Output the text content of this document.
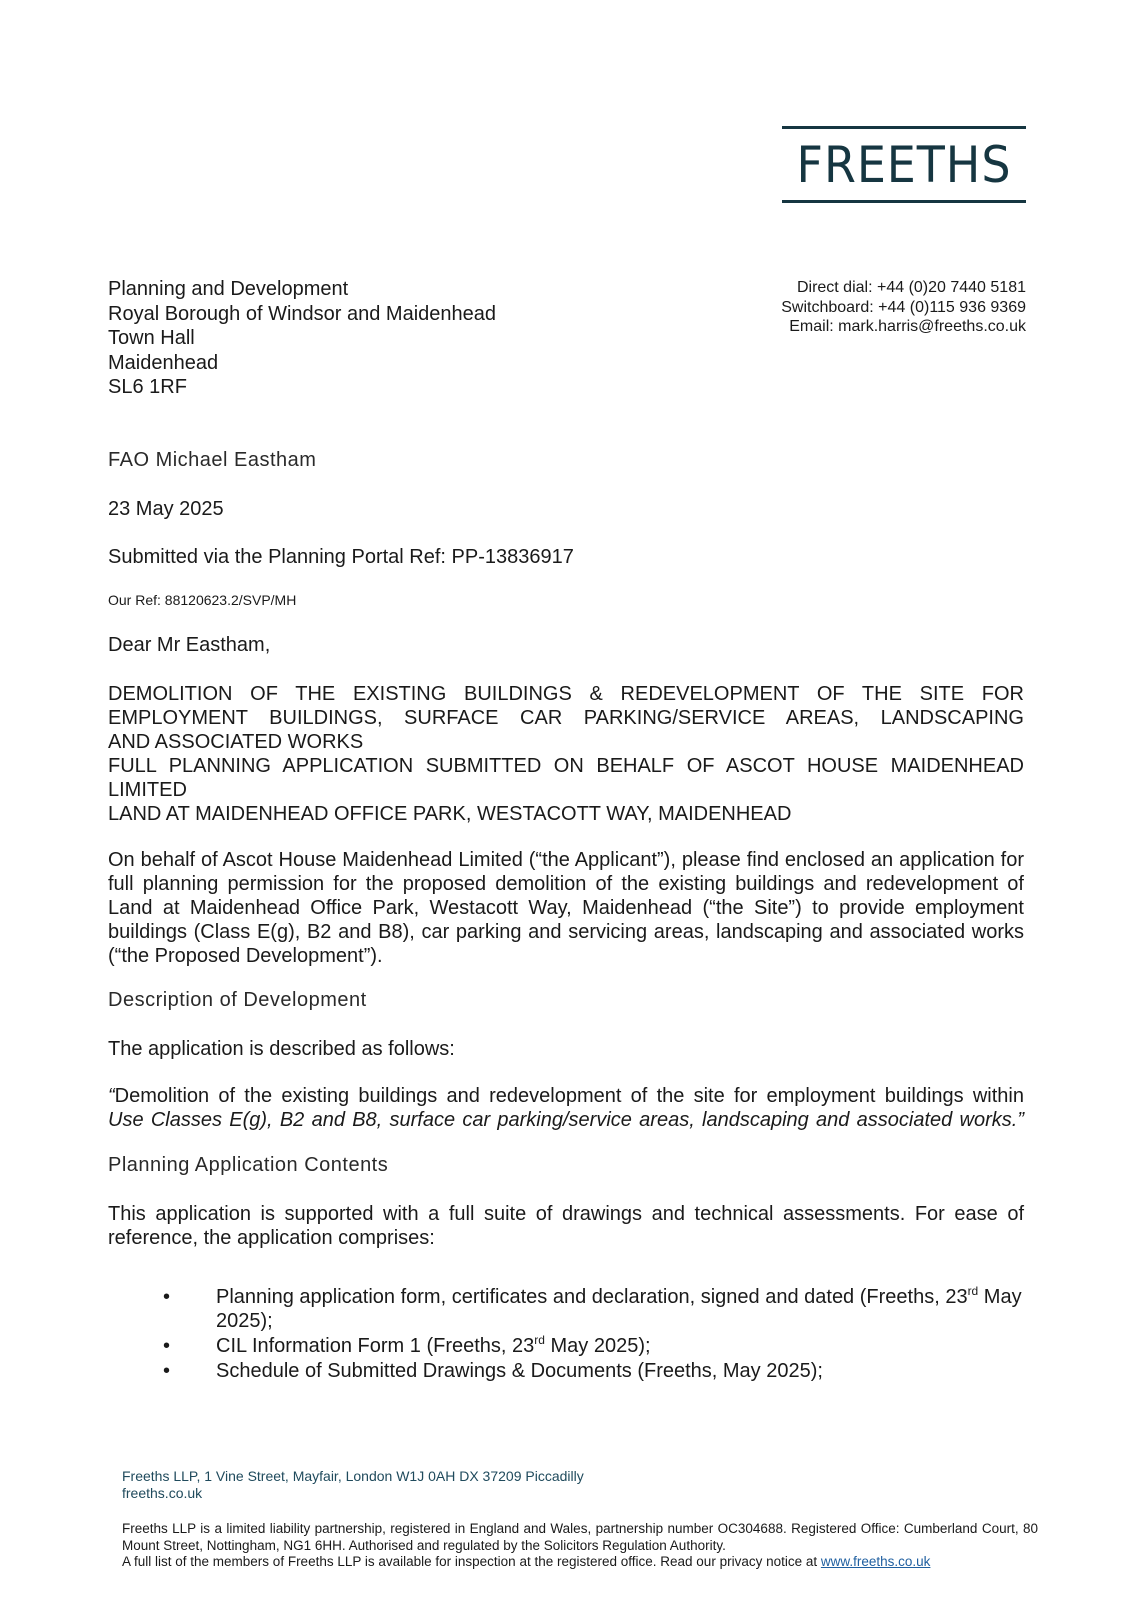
FREETHS
Planning and Development
Royal Borough of Windsor and Maidenhead
Town Hall
Maidenhead
SL6 1RF
Direct dial: +44 (0)20 7440 5181
Switchboard: +44 (0)115 936 9369
Email: mark.harris@freeths.co.uk
FAO Michael Eastham
23 May 2025
Submitted via the Planning Portal Ref: PP-13836917
Our Ref: 88120623.2/SVP/MH
Dear Mr Eastham,
DEMOLITION OF THE EXISTING BUILDINGS & REDEVELOPMENT OF THE SITE FOR
EMPLOYMENT BUILDINGS, SURFACE CAR PARKING/SERVICE AREAS, LANDSCAPING
AND ASSOCIATED WORKS
FULL PLANNING APPLICATION SUBMITTED ON BEHALF OF ASCOT HOUSE MAIDENHEAD
LIMITED
LAND AT MAIDENHEAD OFFICE PARK, WESTACOTT WAY, MAIDENHEAD
On behalf of Ascot House Maidenhead Limited (“the Applicant”), please find enclosed an application for full planning permission for the proposed demolition of the existing buildings and redevelopment of Land at Maidenhead Office Park, Westacott Way, Maidenhead (“the Site”) to provide employment buildings (Class E(g), B2 and B8), car parking and servicing areas, landscaping and associated works (“the Proposed Development”).
Description of Development
The application is described as follows:
“Demolition of the existing buildings and redevelopment of the site for employment buildings within
Use Classes E(g), B2 and B8, surface car parking/service areas, landscaping and associated works.”
Planning Application Contents
This application is supported with a full suite of drawings and technical assessments. For ease of reference, the application comprises:
• Planning application form, certificates and declaration, signed and dated (Freeths, 23rd May 2025);
• CIL Information Form 1 (Freeths, 23rd May 2025);
• Schedule of Submitted Drawings & Documents (Freeths, May 2025);
Freeths LLP, 1 Vine Street, Mayfair, London W1J 0AH DX 37209 Piccadilly
freeths.co.uk
Freeths LLP is a limited liability partnership, registered in England and Wales, partnership number OC304688. Registered Office: Cumberland Court, 80 Mount Street, Nottingham, NG1 6HH. Authorised and regulated by the Solicitors Regulation Authority.
A full list of the members of Freeths LLP is available for inspection at the registered office. Read our privacy notice at www.freeths.co.uk
